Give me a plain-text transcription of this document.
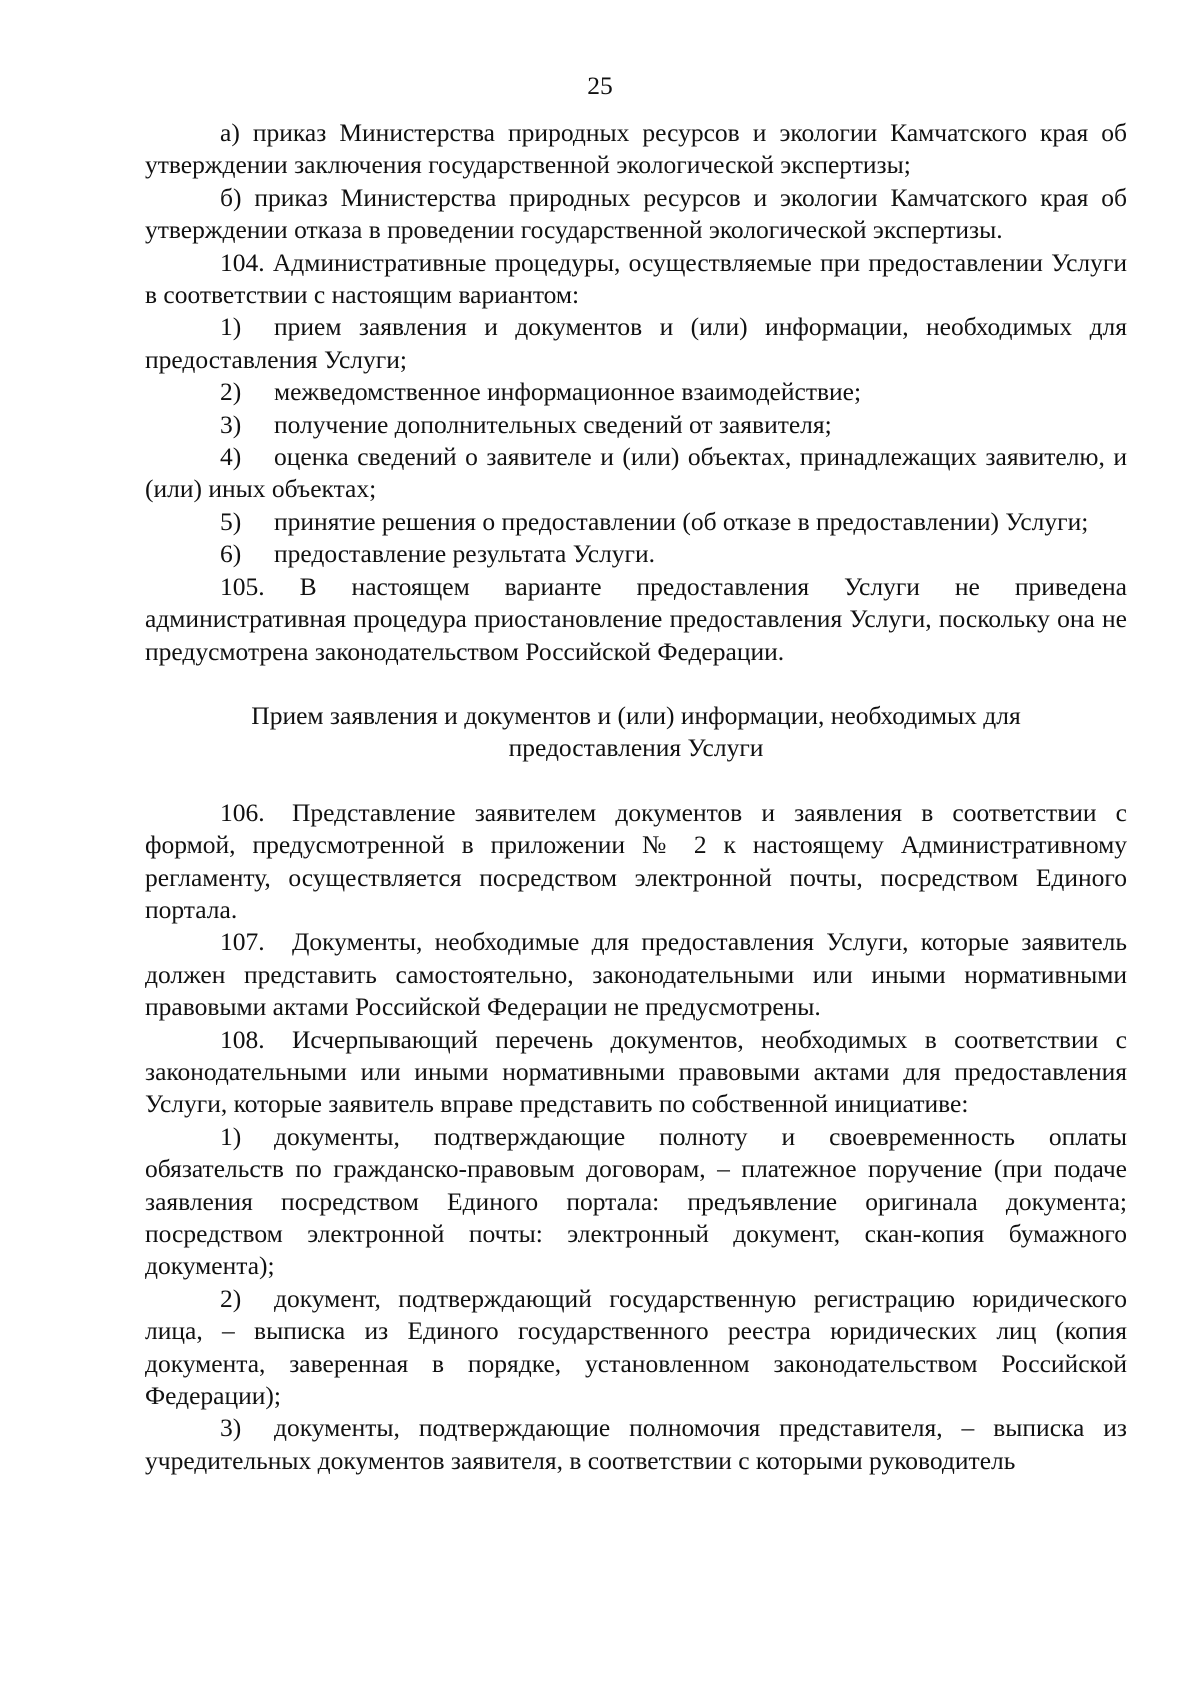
25

а) приказ Министерства природных ресурсов и экологии Камчатского края об утверждении заключения государственной экологической экспертизы;

б) приказ Министерства природных ресурсов и экологии Камчатского края об утверждении отказа в проведении государственной экологической экспертизы.

104. Административные процедуры, осуществляемые при предоставлении Услуги в соответствии с настоящим вариантом:

1) прием заявления и документов и (или) информации, необходимых для предоставления Услуги;

2) межведомственное информационное взаимодействие;

3) получение дополнительных сведений от заявителя;

4) оценка сведений о заявителе и (или) объектах, принадлежащих заявителю, и (или) иных объектах;

5) принятие решения о предоставлении (об отказе в предоставлении) Услуги;

6) предоставление результата Услуги.

105. В настоящем варианте предоставления Услуги не приведена административная процедура приостановление предоставления Услуги, поскольку она не предусмотрена законодательством Российской Федерации.

Прием заявления и документов и (или) информации, необходимых для
предоставления Услуги

106. Представление заявителем документов и заявления в соответствии с формой, предусмотренной в приложении № 2 к настоящему Административному регламенту, осуществляется посредством электронной почты, посредством Единого портала.

107. Документы, необходимые для предоставления Услуги, которые заявитель должен представить самостоятельно, законодательными или иными нормативными правовыми актами Российской Федерации не предусмотрены.

108. Исчерпывающий перечень документов, необходимых в соответствии с законодательными или иными нормативными правовыми актами для предоставления Услуги, которые заявитель вправе представить по собственной инициативе:

1) документы, подтверждающие полноту и своевременность оплаты обязательств по гражданско-правовым договорам, – платежное поручение (при подаче заявления посредством Единого портала: предъявление оригинала документа; посредством электронной почты: электронный документ, скан-копия бумажного документа);

2) документ, подтверждающий государственную регистрацию юридического лица, – выписка из Единого государственного реестра юридических лиц (копия документа, заверенная в порядке, установленном законодательством Российской Федерации);

3) документы, подтверждающие полномочия представителя, – выписка из учредительных документов заявителя, в соответствии с которыми руководитель
